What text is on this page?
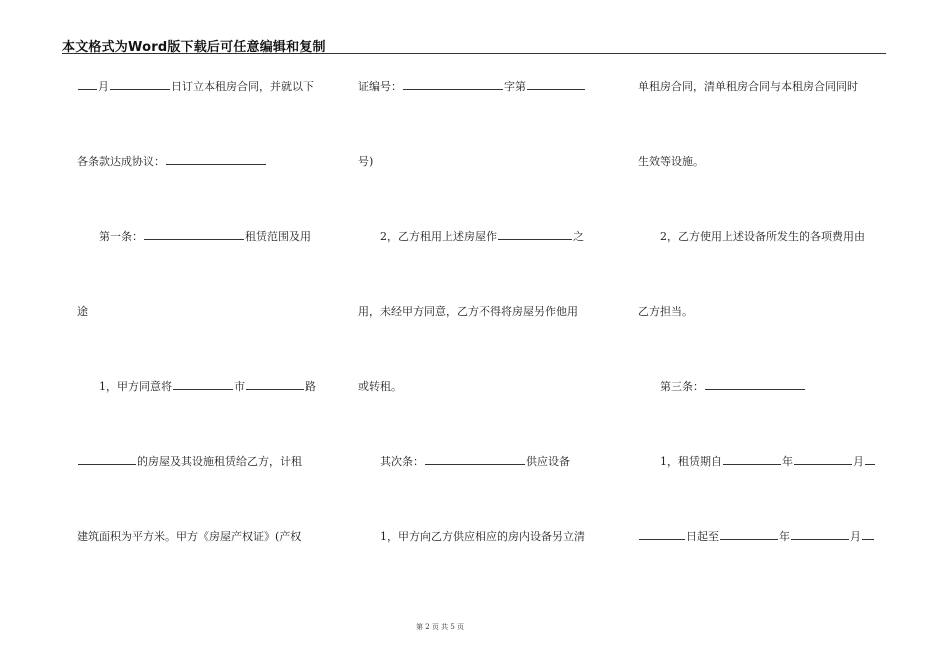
本文格式为Word版下载后可任意编辑和复制
月	日订立本租房合同，并就以下
各条款达成协议：
第一条：	租赁范围及用
途
1，甲方同意将	市	路
的房屋及其设施租赁给乙方，计租
建筑面积为平方米。甲方《房屋产权证》(产权
证编号：	字第
号)
2，乙方租用上述房屋作	之
用，未经甲方同意，乙方不得将房屋另作他用
或转租。
其次条：	供应设备
1，甲方向乙方供应相应的房内设备另立清
单租房合同，清单租房合同与本租房合同同时
生效等设施。
2，乙方使用上述设备所发生的各项费用由
乙方担当。
第三条：
1，租赁期自	年	月
日起至	年	月
第 2 页 共 5 页
